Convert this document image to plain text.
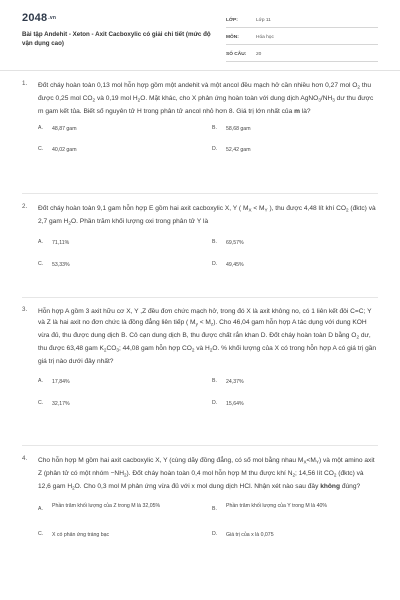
2048.vn
Bài tập Andehit - Xeton - Axit Cacboxylic có giải chi tiết (mức độ vận dụng cao)
LỚP:	Lớp 11
MÔN:	Hóa học
SỐ CÂU:	20
1. Đốt cháy hoàn toàn 0,13 mol hỗn hợp gồm một andehit và một ancol đều mạch hở cần nhiều hơn 0,27 mol $O_2$ thu được 0,25 mol $CO_2$ và 0,19 mol $H_2O$. Mặt khác, cho X phản ứng hoàn toàn với dung dịch $AgNO_3/NH_3$ dư thu được m gam kết tủa. Biết số nguyên tử H trong phân tử ancol nhỏ hơn 8. Giá trị lớn nhất của m là?
A.	48,87 gam	B.	58,68 gam
C.	40,02 gam	D.	52,42 gam
2. Đốt cháy hoàn toàn 9,1 gam hỗn hợp E gồm hai axit cacboxylic X, Y ( $M_X < M_Y$ ), thu được 4,48 lít khí $CO_2$ (đktc) và 2,7 gam $H_2O$. Phần trăm khối lượng oxi trong phân tử Y là
A.	71,11%	B.	69,57%
C.	53,33%	D.	49,45%
3. Hỗn hợp A gồm 3 axit hữu cơ X, Y ,Z đều đơn chức mạch hở, trong đó X là axit không no, có 1 liên kết đôi C=C; Y và Z là hai axit no đơn chức là đồng đẳng liên tiếp ( $M_y < M_z$). Cho 46,04 gam hỗn hợp A tác dụng với dung KOH vừa đủ, thu được dung dịch B. Cô cạn dung dịch B, thu được chất rắn khan D. Đốt cháy hoàn toàn D bằng $O_2$ dư, thu được 63,48 gam $K_2CO_3$; 44,08 gam hỗn hợp $CO_2$ và $H_2O$. % khối lượng của X có trong hỗn hợp A có giá trị gần giá trị nào dưới đây nhất?
A.	17,84%	B.	24,37%
C.	32,17%	D.	15,64%
4. Cho hỗn hợp M gồm hai axit cacboxylic X, Y (cùng dãy đồng đẳng, có số mol bằng nhau $M_X<M_Y$) và một amino axit Z (phân tử có một nhóm $-NH_2$). Đốt cháy hoàn toàn 0,4 mol hỗn hợp M thu được khí $N_2$; 14,56 lít $CO_2$ (đktc) và 12,6 gam $H_2O$. Cho 0,3 mol M phản ứng vừa đủ với x mol dung dịch HCl. Nhận xét nào sau đây không đúng?
A.	Phần trăm khối lượng của Z trong M là 32,05%	B.	Phần trăm khối lượng của Y trong M là 40%
C.	X có phản ứng tráng bạc	D.	Giá trị của x là 0,075
